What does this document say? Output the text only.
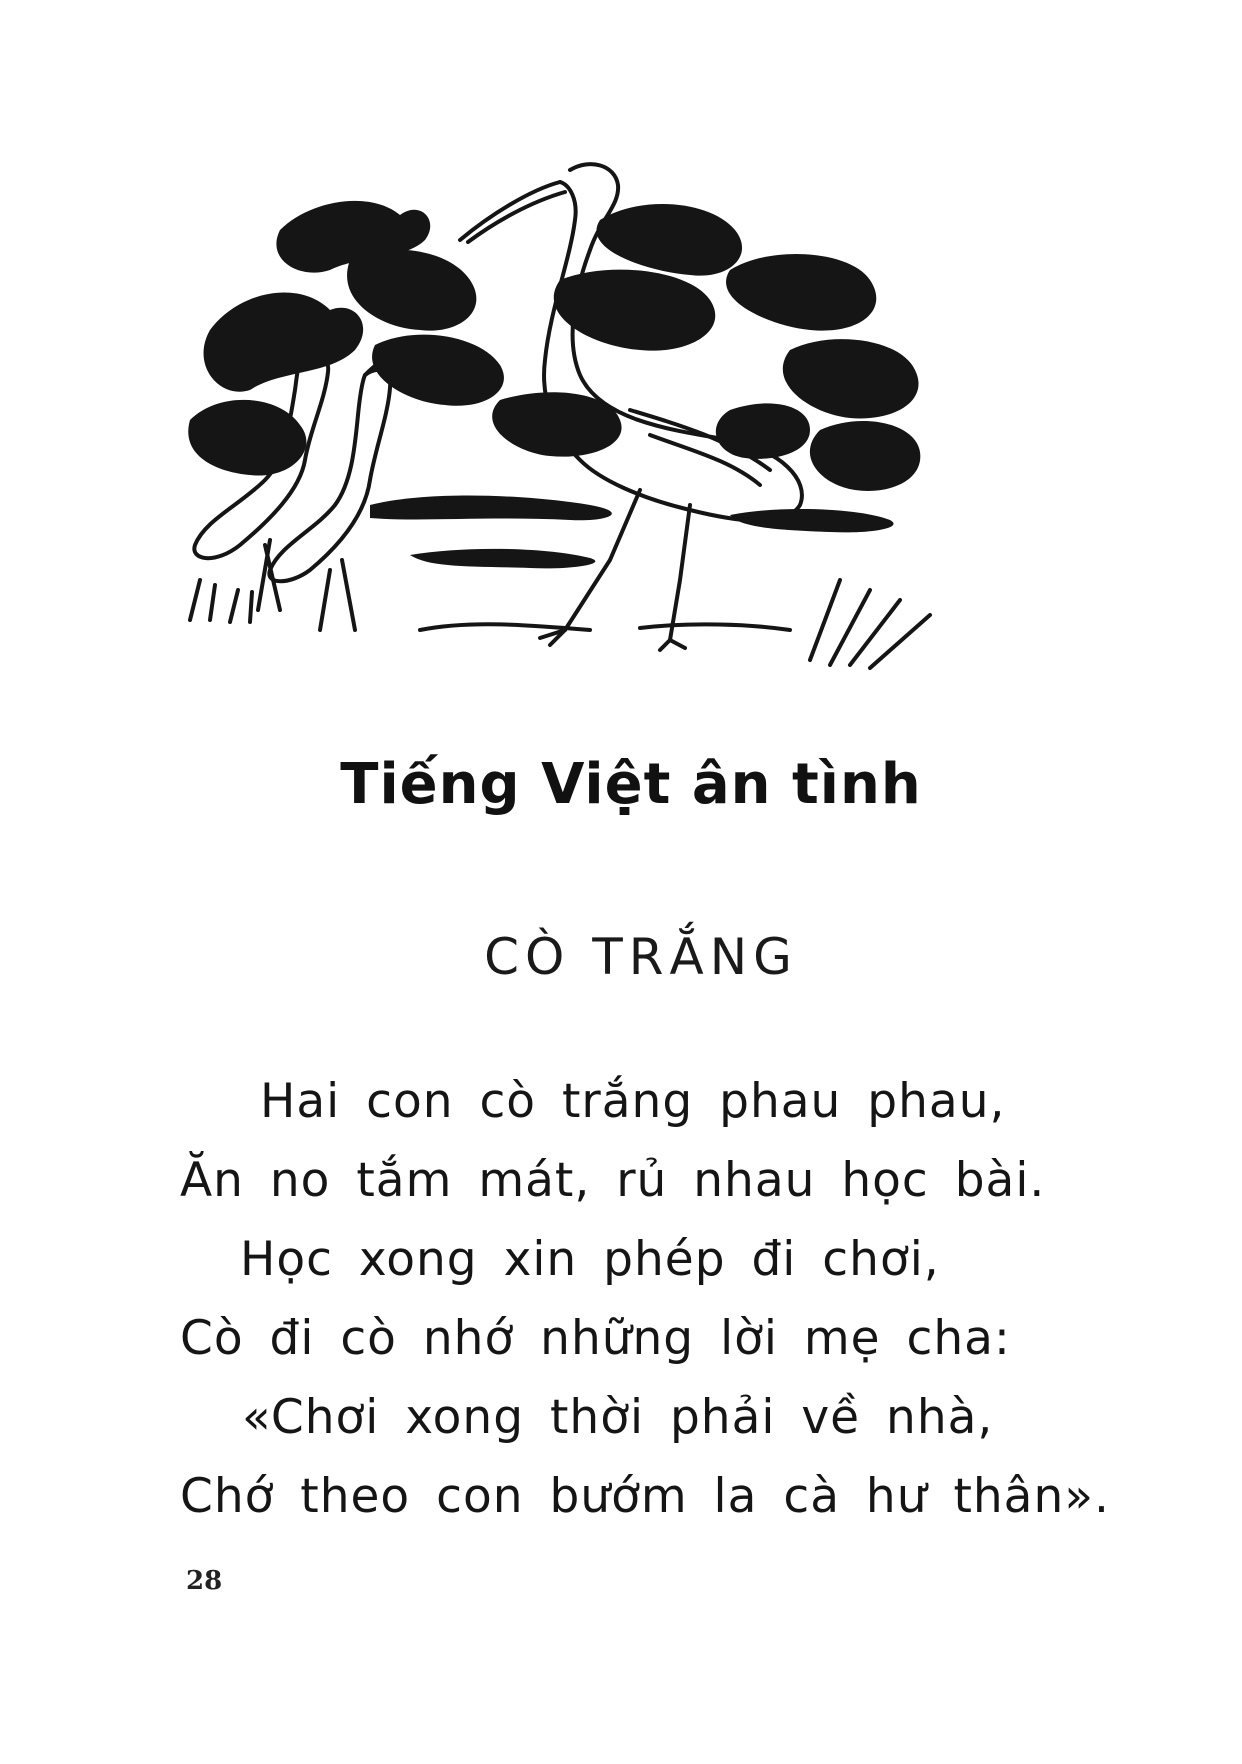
Tiếng Việt ân tình
CÒ TRẮNG
Hai con cò trắng phau phau,
Ăn no tắm mát, rủ nhau học bài.
Học xong xin phép đi chơi,
Cò đi cò nhớ những lời mẹ cha:
«Chơi xong thời phải về nhà,
Chớ theo con bướm la cà hư thân».
28
